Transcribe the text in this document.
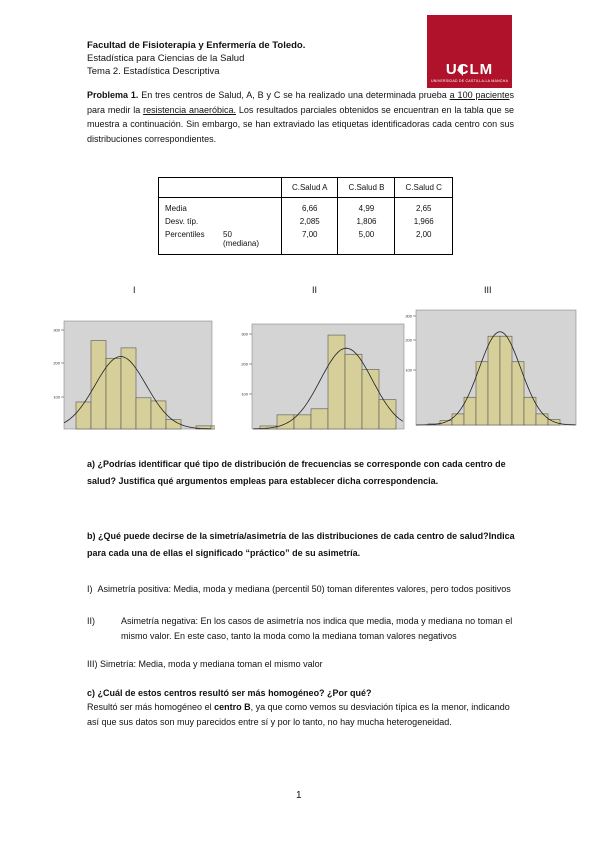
Facultad de Fisioterapia y Enfermería de Toledo.
Estadística para Ciencias de la Salud
Tema 2. Estadística Descriptiva	UCLM
UNIVERSIDAD DE CASTILLA-LA MANCHA
Problema 1. En tres centros de Salud, A, B y C se ha realizado una determinada prueba a 100 pacientes para medir la resistencia anaeróbica. Los resultados parciales obtenidos se encuentran en la tabla que se muestra a continuación. Sin embargo, se han extraviado las etiquetas identificadoras cada centro con sus distribuciones correspondientes.
	C.Salud A	C.Salud B	C.Salud C
Media	6,66	4,99	2,65
Desv. típ.	2,085	1,806	1,966
Percentiles 50
(mediana)	7,00	5,00	2,00
I	II	III
300
200
100
300
200
100
300
200
100
a) ¿Podrías identificar qué tipo de distribución de frecuencias se corresponde con cada centro de salud? Justifica qué argumentos empleas para establecer dicha correspondencia.
b) ¿Qué puede decirse de la simetría/asimetría de las distribuciones de cada centro de salud?Indica para cada una de ellas el significado “práctico” de su asimetría.
I) Asimetría positiva: Media, moda y mediana (percentil 50) toman diferentes valores, pero todos positivos
II)	Asimetría negativa: En los casos de asimetría nos indica que media, moda y mediana no toman el mismo valor. En este caso, tanto la moda como la mediana toman valores negativos
III) Simetría: Media, moda y mediana toman el mismo valor
c) ¿Cuál de estos centros resultó ser más homogéneo? ¿Por qué?
Resultó ser más homogéneo el centro B, ya que como vemos su desviación típica es la menor, indicando así que sus datos son muy parecidos entre sí y por lo tanto, no hay mucha heterogeneidad.
1
